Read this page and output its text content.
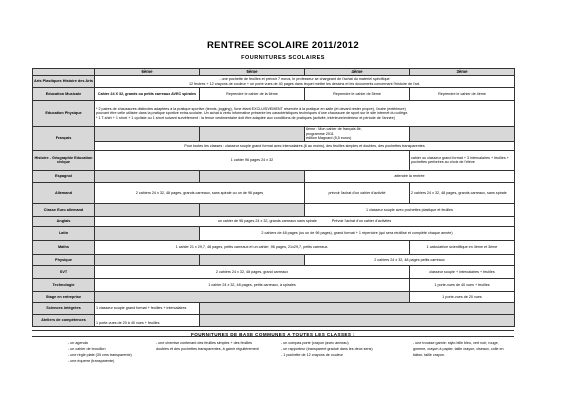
RENTREE SCOLAIRE 2011/2012
FOURNITURES SCOLAIRES
	6ème	5ème	4ème	3ème
Arts Plastiques Histoire des Arts	- une pochette de feuilles et prévoir 7 euros, le professeur se chargeant de l'achat du matériel spécifique
12 feutres + 12 crayons de couleur + un porte vues de 40 pages dans lequel mettre les dessins et les documents concernant l'histoire de l'art.			

Education Musicale	Cahier 24 X 32, grands ou petits carreaux AVEC spirales	Reprendre le cahier de la 6ème	Reprendre le cahier de 5ème	Reprendre le cahier de 4ème
Education Physique	* 2 paires de chaussures distinctes adaptées à la pratique sportive (tennis, jogging), l'une étant EXCLUSIVEMENT réservée à la pratique en salle (et devant rester propre), l'autre (extérieure)
pouvant être celle utilisée dans la pratique sportive extra-scolaire. Un achat à vertu informative présente les caractéristiques techniques d'une chaussure de sport sur le site internet du collège.
* 1 T-shirt + 1 short + 1 cycliste ou 1 short suivant survêtement : la tenue vestimentaire doit être adaptée aux conditions de pratiques (activité, intérieure/extérieur et période de l'année)			

Français			6ème : Mon cahier de français 6è,
programme 2011
édition Magnard (5,5 euros)	

	Pour toutes les classes : classeur souple grand format avec intercalaires (6 au moins), des feuilles simples et doubles, des pochettes transparentes			
Histoire - Géographie Education civique	1 cahier 96 pages 24 x 32			cahier ou classeur grand format + 3 intercalaires + feuilles + pochettes perforées au choix de l'élève
Espagnol			attendre la rentrée	
Allemand	2 cahiers 24 x 32, 48 pages, grands carreaux, sans spirale ou un de 96 pages		prévoir l'achat d'un cahier d'activité	2 cahiers 24 x 32, 48 pages, grands carreaux, sans spirale
Classe Euro allemand			1 classeur souple avec pochettes plastique et feuilles	
Anglais	un cahier de 96 pages 24 x 32, grands carreaux sans spirale Prévoir l'achat d'un cahier d'activités			
Latin		2 cahiers de 48 pages (ou un de 96 pages), grand format + 1 répertoire (qui sera réutilisé et complété chaque année)		
Maths	1 cahier 21 x 29,7, 48 pages, petits carreaux et un cahier ,96 pages, 21x29,7, petits carreaux.			1 calculatrice scientifique en 4ème et 3ème
Physique			2 cahiers 24 x 32, 48 pages petits carreaux	
SVT	2 cahiers 24 x 32, 48 pages, grand carreaux			classeur souple + intercalaires + feuilles
Technologie	1 cahier 24 x 32, 48 pages, petits carreaux, à spirales			1 porte-vues de 40 vues + feuilles
Stage en entreprise				1 porte-vues de 20 vues
Sciences intégrées	1 classeur souple grand format + feuilles + intercalaires			
Ateliers de compétences	1 porte-vues de 20 à 40 vues + feuilles			
FOURNITURES DE BASE COMMUNES A TOUTES LES CLASSES :
- un agenda
- un cahier de brouillon
- une règle plate (30 cms transparente)
- une équerre (transparente)
- une chemise contenant des feuilles simples + des feuilles doubles et des pochettes transparentes, à garnir régulièrement
- un compas porte (crayon (avec anneau)
- un rapporteur (transparent gradué dans les deux sens)
- 1 pochette de 12 crayons de couleur
- une trousse garnie: stylo bille bleu, vert noir, rouge, gomme, crayon à papier, taille crayon, ciseaux, colle en bâton, taille crayon.
